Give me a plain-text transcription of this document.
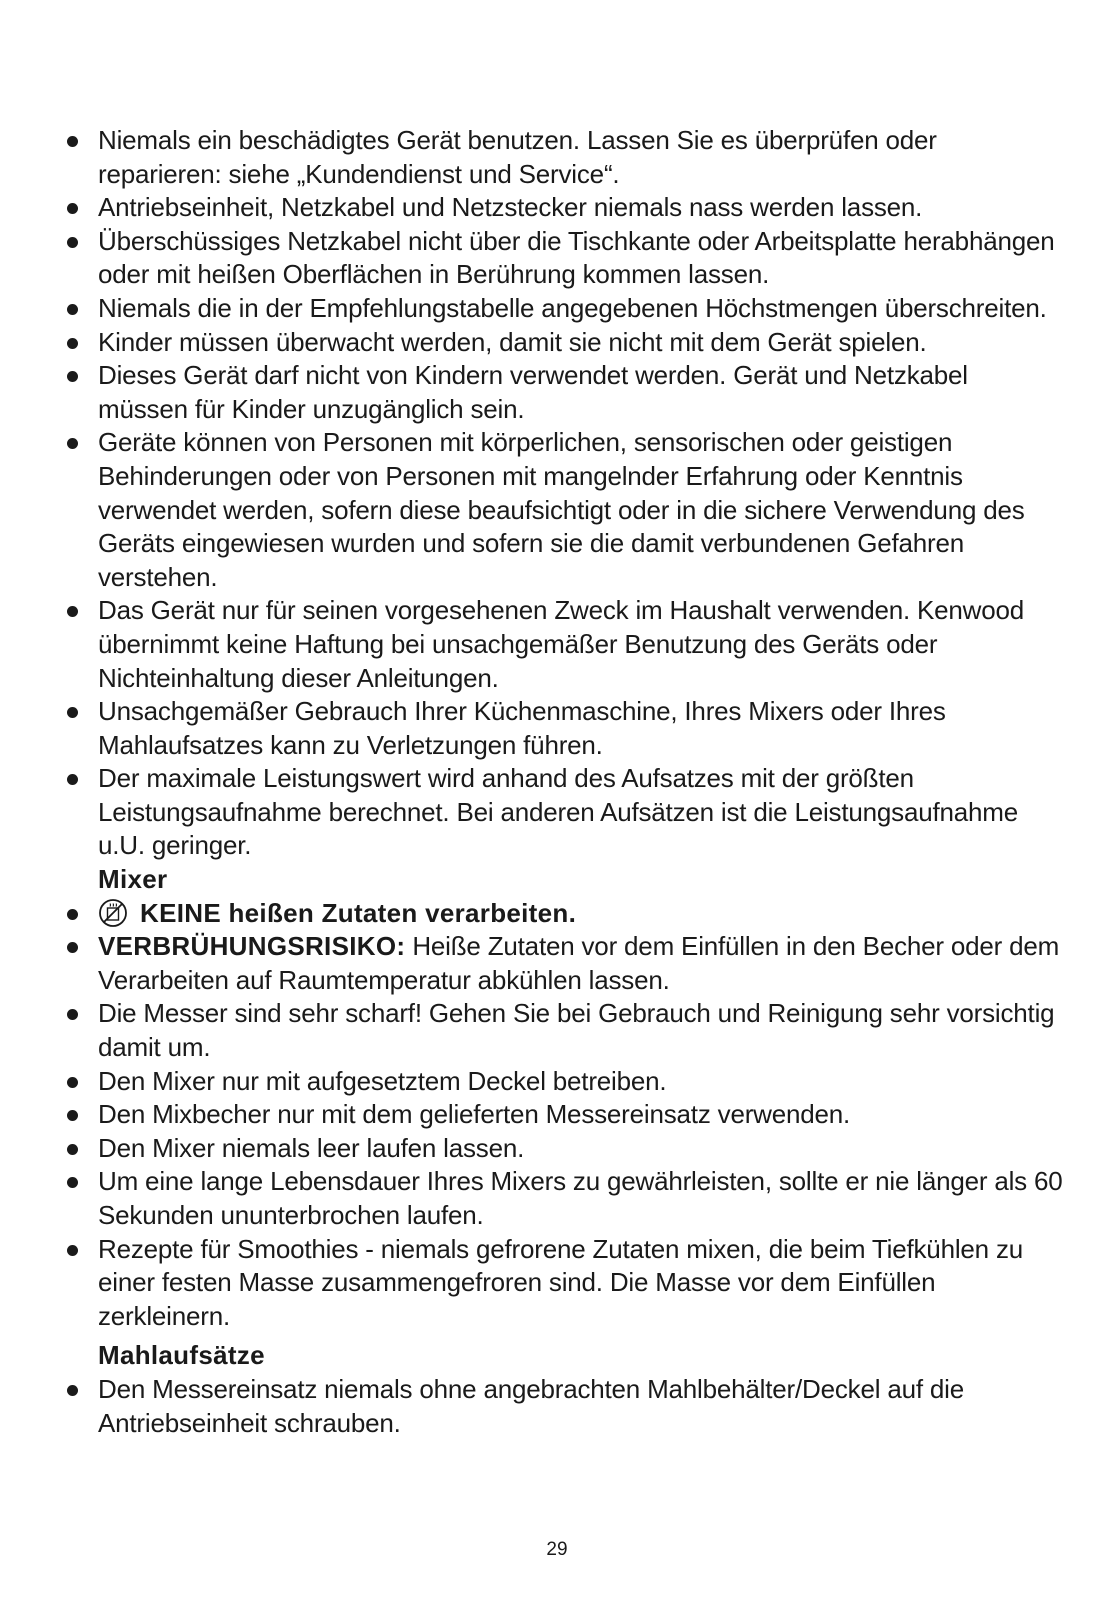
Niemals ein beschädigtes Gerät benutzen. Lassen Sie es überprüfen oder reparieren: siehe „Kundendienst und Service“.
Antriebseinheit, Netzkabel und Netzstecker niemals nass werden lassen.
Überschüssiges Netzkabel nicht über die Tischkante oder Arbeitsplatte herabhängen oder mit heißen Oberflächen in Berührung kommen lassen.
Niemals die in der Empfehlungstabelle angegebenen Höchstmengen überschreiten.
Kinder müssen überwacht werden, damit sie nicht mit dem Gerät spielen.
Dieses Gerät darf nicht von Kindern verwendet werden. Gerät und Netzkabel müssen für Kinder unzugänglich sein.
Geräte können von Personen mit körperlichen, sensorischen oder geistigen Behinderungen oder von Personen mit mangelnder Erfahrung oder Kenntnis verwendet werden, sofern diese beaufsichtigt oder in die sichere Verwendung des Geräts eingewiesen wurden und sofern sie die damit verbundenen Gefahren verstehen.
Das Gerät nur für seinen vorgesehenen Zweck im Haushalt verwenden. Kenwood übernimmt keine Haftung bei unsachgemäßer Benutzung des Geräts oder Nichteinhaltung dieser Anleitungen.
Unsachgemäßer Gebrauch Ihrer Küchenmaschine, Ihres Mixers oder Ihres Mahlaufsatzes kann zu Verletzungen führen.
Der maximale Leistungswert wird anhand des Aufsatzes mit der größten Leistungsaufnahme berechnet. Bei anderen Aufsätzen ist die Leistungsaufnahme u.U. geringer.
Mixer
KEINE heißen Zutaten verarbeiten.
VERBRÜHUNGSRISIKO: Heiße Zutaten vor dem Einfüllen in den Becher oder dem Verarbeiten auf Raumtemperatur abkühlen lassen.
Die Messer sind sehr scharf! Gehen Sie bei Gebrauch und Reinigung sehr vorsichtig damit um.
Den Mixer nur mit aufgesetztem Deckel betreiben.
Den Mixbecher nur mit dem gelieferten Messereinsatz verwenden.
Den Mixer niemals leer laufen lassen.
Um eine lange Lebensdauer Ihres Mixers zu gewährleisten, sollte er nie länger als 60 Sekunden ununterbrochen laufen.
Rezepte für Smoothies - niemals gefrorene Zutaten mixen, die beim Tiefkühlen zu einer festen Masse zusammengefroren sind. Die Masse vor dem Einfüllen zerkleinern.
Mahlaufsätze
Den Messereinsatz niemals ohne angebrachten Mahlbehälter/Deckel auf die Antriebseinheit schrauben.
29
